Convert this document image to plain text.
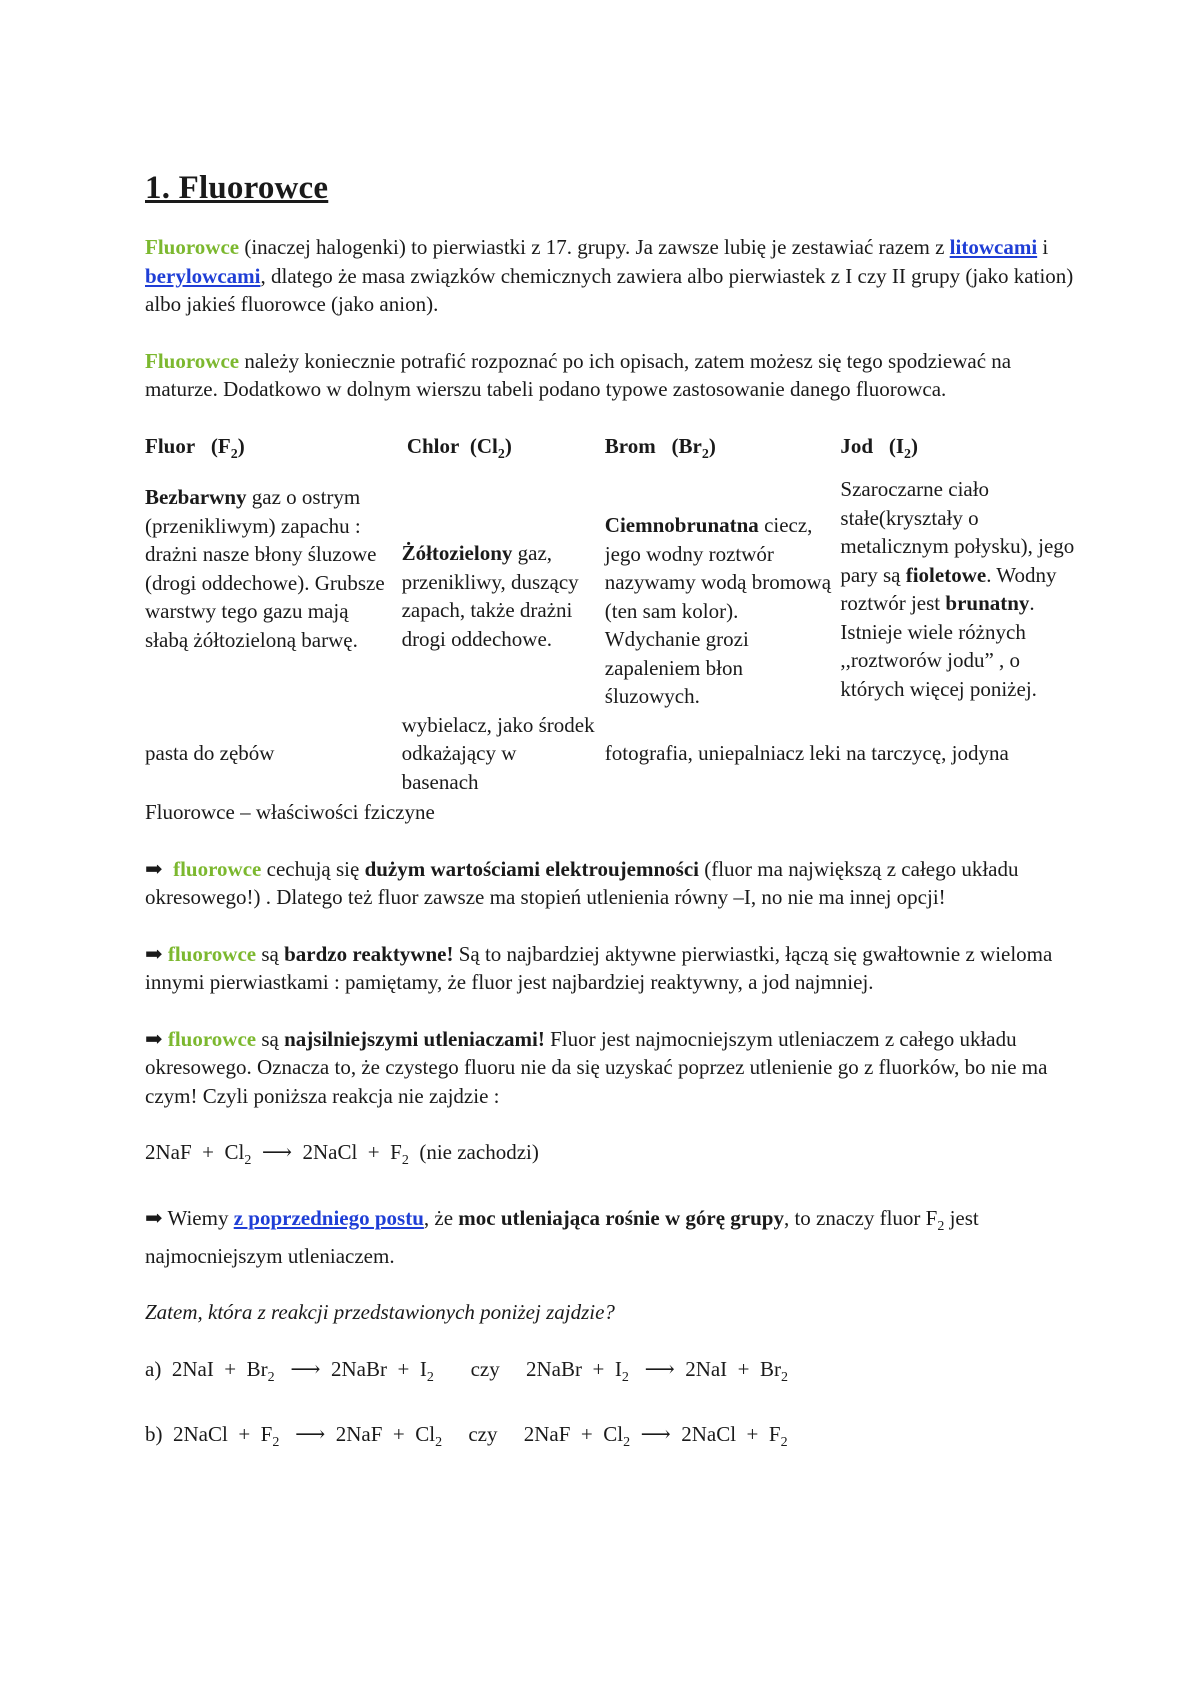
1. Fluorowce

Fluorowce (inaczej halogenki) to pierwiastki z 17. grupy. Ja zawsze lubię je zestawiać razem z litowcami i berylowcami, dlatego że masa związków chemicznych zawiera albo pierwiastek z I czy II grupy (jako kation) albo jakieś fluorowce (jako anion).

Fluorowce należy koniecznie potrafić rozpoznać po ich opisach, zatem możesz się tego spodziewać na maturze. Dodatkowo w dolnym wierszu tabeli podano typowe zastosowanie danego fluorowca.

Fluor   $(F_2)$	Chlor  $(Cl_2)$	Brom   $(Br_2)$	Jod   $(I_2)$
Bezbarwny gaz o ostrym (przenikliwym) zapachu : drażni nasze błony śluzowe (drogi oddechowe). Grubsze warstwy tego gazu mają słabą żółtozieloną barwę.	Żółtozielony gaz, przenikliwy, duszący zapach, także drażni drogi oddechowe.	Ciemnobrunatna ciecz, jego wodny roztwór nazywamy wodą bromową (ten sam kolor). Wdychanie grozi zapaleniem błon śluzowych.	Szaroczarne ciało stałe(kryształy o metalicznym połysku), jego pary są fioletowe. Wodny roztwór jest brunatny. Istnieje wiele różnych ,,roztworów jodu” , o których więcej poniżej.
pasta do zębów	wybielacz, jako środek odkażający w basenach	fotografia, uniepalniacz leki na tarczycę, jodyna	
Fluorowce – właściwości fziczyne

➡ fluorowce cechują się dużym wartościami elektroujemności (fluor ma największą z całego układu okresowego!) . Dlatego też fluor zawsze ma stopień utlenienia równy –I, no nie ma innej opcji!

➡ fluorowce są bardzo reaktywne! Są to najbardziej aktywne pierwiastki, łączą się gwałtownie z wieloma innymi pierwiastkami : pamiętamy, że fluor jest najbardziej reaktywny, a jod najmniej.

➡ fluorowce są najsilniejszymi utleniaczami! Fluor jest najmocniejszym utleniaczem z całego układu okresowego. Oznacza to, że czystego fluoru nie da się uzyskać poprzez utlenienie go z fluorków, bo nie ma czym! Czyli poniższa reakcja nie zajdzie :

$2NaF + Cl_2$ ⟶ 2NaCl  +  $F_2$ (nie zachodzi)

➡ Wiemy z poprzedniego postu, że moc utleniająca rośnie w górę grupy, to znaczy fluor $F_2$ jest najmocniejszym utleniaczem.

Zatem, która z reakcji przedstawionych poniżej zajdzie?

a) $2NaI + Br_2$ ⟶ 2NaBr  +  $I_2$ czy 2NaBr  +  $I_2$ ⟶ $2NaI + Br_2$

b) 2NaCl  +  $F_2$ ⟶ $2NaF + Cl_2$ czy $2NaF + Cl_2$ ⟶ 2NaCl  +  $F_2$
